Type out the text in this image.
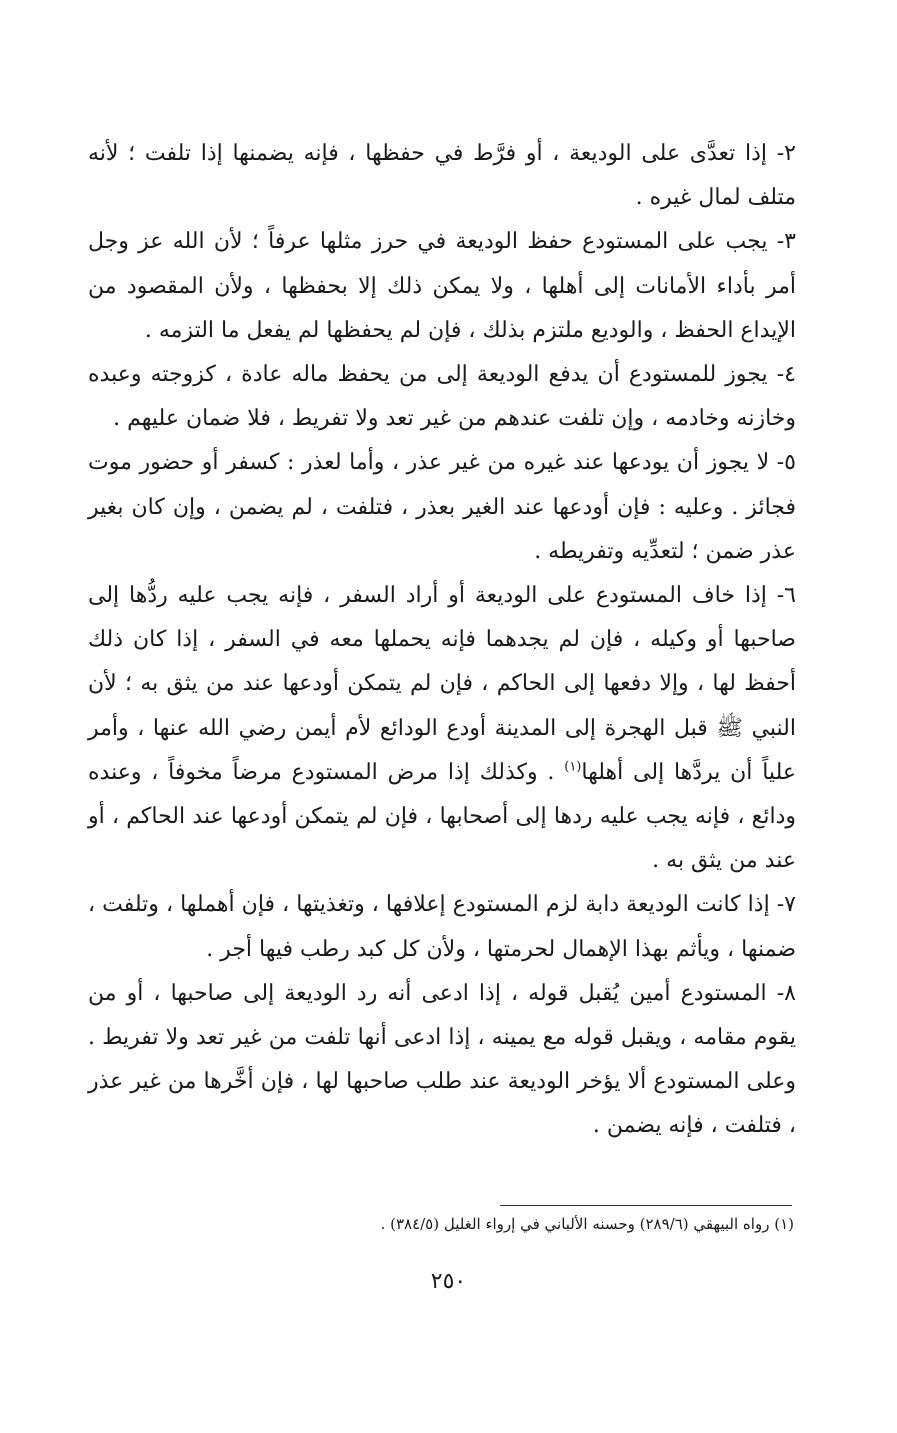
٢- إذا تعدَّى على الوديعة ، أو فرَّط في حفظها ، فإنه يضمنها إذا تلفت ؛ لأنه متلف لمال غيره .

٣- يجب على المستودع حفظ الوديعة في حرز مثلها عرفاً ؛ لأن الله عز وجل أمر بأداء الأمانات إلى أهلها ، ولا يمكن ذلك إلا بحفظها ، ولأن المقصود من الإيداع الحفظ ، والوديع ملتزم بذلك ، فإن لم يحفظها لم يفعل ما التزمه .

٤- يجوز للمستودع أن يدفع الوديعة إلى من يحفظ ماله عادة ، كزوجته وعبده وخازنه وخادمه ، وإن تلفت عندهم من غير تعد ولا تفريط ، فلا ضمان عليهم .

٥- لا يجوز أن يودعها عند غيره من غير عذر ، وأما لعذر : كسفر أو حضور موت فجائز . وعليه : فإن أودعها عند الغير بعذر ، فتلفت ، لم يضمن ، وإن كان بغير عذر ضمن ؛ لتعدِّيه وتفريطه .

٦- إذا خاف المستودع على الوديعة أو أراد السفر ، فإنه يجب عليه ردُّها إلى صاحبها أو وكيله ، فإن لم يجدهما فإنه يحملها معه في السفر ، إذا كان ذلك أحفظ لها ، وإلا دفعها إلى الحاكم ، فإن لم يتمكن أودعها عند من يثق به ؛ لأن النبي ﷺ قبل الهجرة إلى المدينة أودع الودائع لأم أيمن رضي الله عنها ، وأمر علياً أن يردَّها إلى أهلها$^{(١)}$ . وكذلك إذا مرض المستودع مرضاً مخوفاً ، وعنده ودائع ، فإنه يجب عليه ردها إلى أصحابها ، فإن لم يتمكن أودعها عند الحاكم ، أو عند من يثق به .

٧- إذا كانت الوديعة دابة لزم المستودع إعلافها ، وتغذيتها ، فإن أهملها ، وتلفت ، ضمنها ، ويأثم بهذا الإهمال لحرمتها ، ولأن كل كبد رطب فيها أجر .

٨- المستودع أمين يُقبل قوله ، إذا ادعى أنه رد الوديعة إلى صاحبها ، أو من يقوم مقامه ، ويقبل قوله مع يمينه ، إذا ادعى أنها تلفت من غير تعد ولا تفريط . وعلى المستودع ألا يؤخر الوديعة عند طلب صاحبها لها ، فإن أخَّرها من غير عذر ، فتلفت ، فإنه يضمن .

(١) رواه البيهقي (٢٨٩/٦) وحسنه الألباني في إرواء الغليل (٣٨٤/٥) .
٢٥٠
